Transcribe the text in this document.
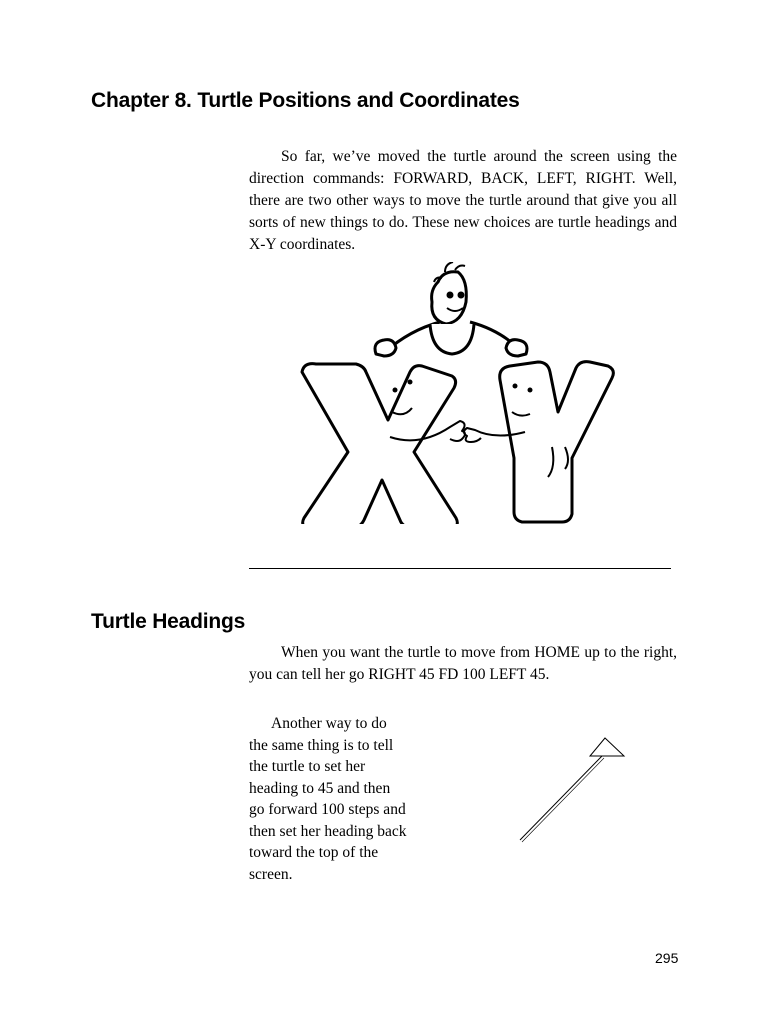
Chapter 8. Turtle Positions and Coordinates

So far, we’ve moved the turtle around the screen using the direction commands: FORWARD, BACK, LEFT, RIGHT. Well, there are two other ways to move the turtle around that give you all sorts of new things to do. These new choices are turtle headings and X-Y coordinates.

Turtle Headings

When you want the turtle to move from HOME up to the right, you can tell her go RIGHT 45 FD 100 LEFT 45.

Another way to do the same thing is to tell the turtle to set her heading to 45 and then go forward 100 steps and then set her heading back toward the top of the screen.

295
